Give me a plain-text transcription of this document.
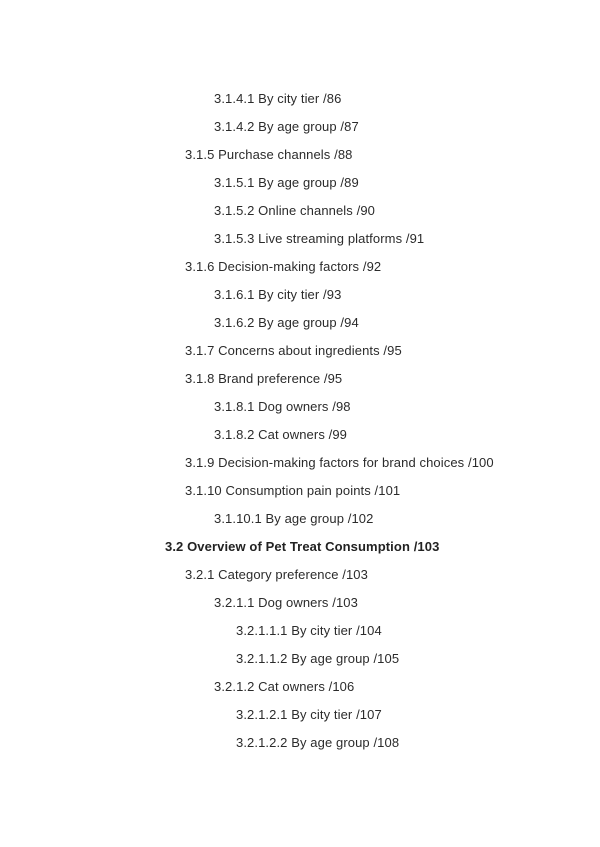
3.1.4.1 By city tier /86
3.1.4.2 By age group /87
3.1.5 Purchase channels /88
3.1.5.1 By age group /89
3.1.5.2 Online channels /90
3.1.5.3 Live streaming platforms /91
3.1.6 Decision-making factors /92
3.1.6.1 By city tier /93
3.1.6.2 By age group /94
3.1.7 Concerns about ingredients /95
3.1.8 Brand preference /95
3.1.8.1 Dog owners /98
3.1.8.2 Cat owners /99
3.1.9 Decision-making factors for brand choices /100
3.1.10 Consumption pain points /101
3.1.10.1 By age group /102
3.2 Overview of Pet Treat Consumption /103
3.2.1 Category preference /103
3.2.1.1 Dog owners /103
3.2.1.1.1 By city tier /104
3.2.1.1.2 By age group /105
3.2.1.2 Cat owners /106
3.2.1.2.1 By city tier /107
3.2.1.2.2 By age group /108
